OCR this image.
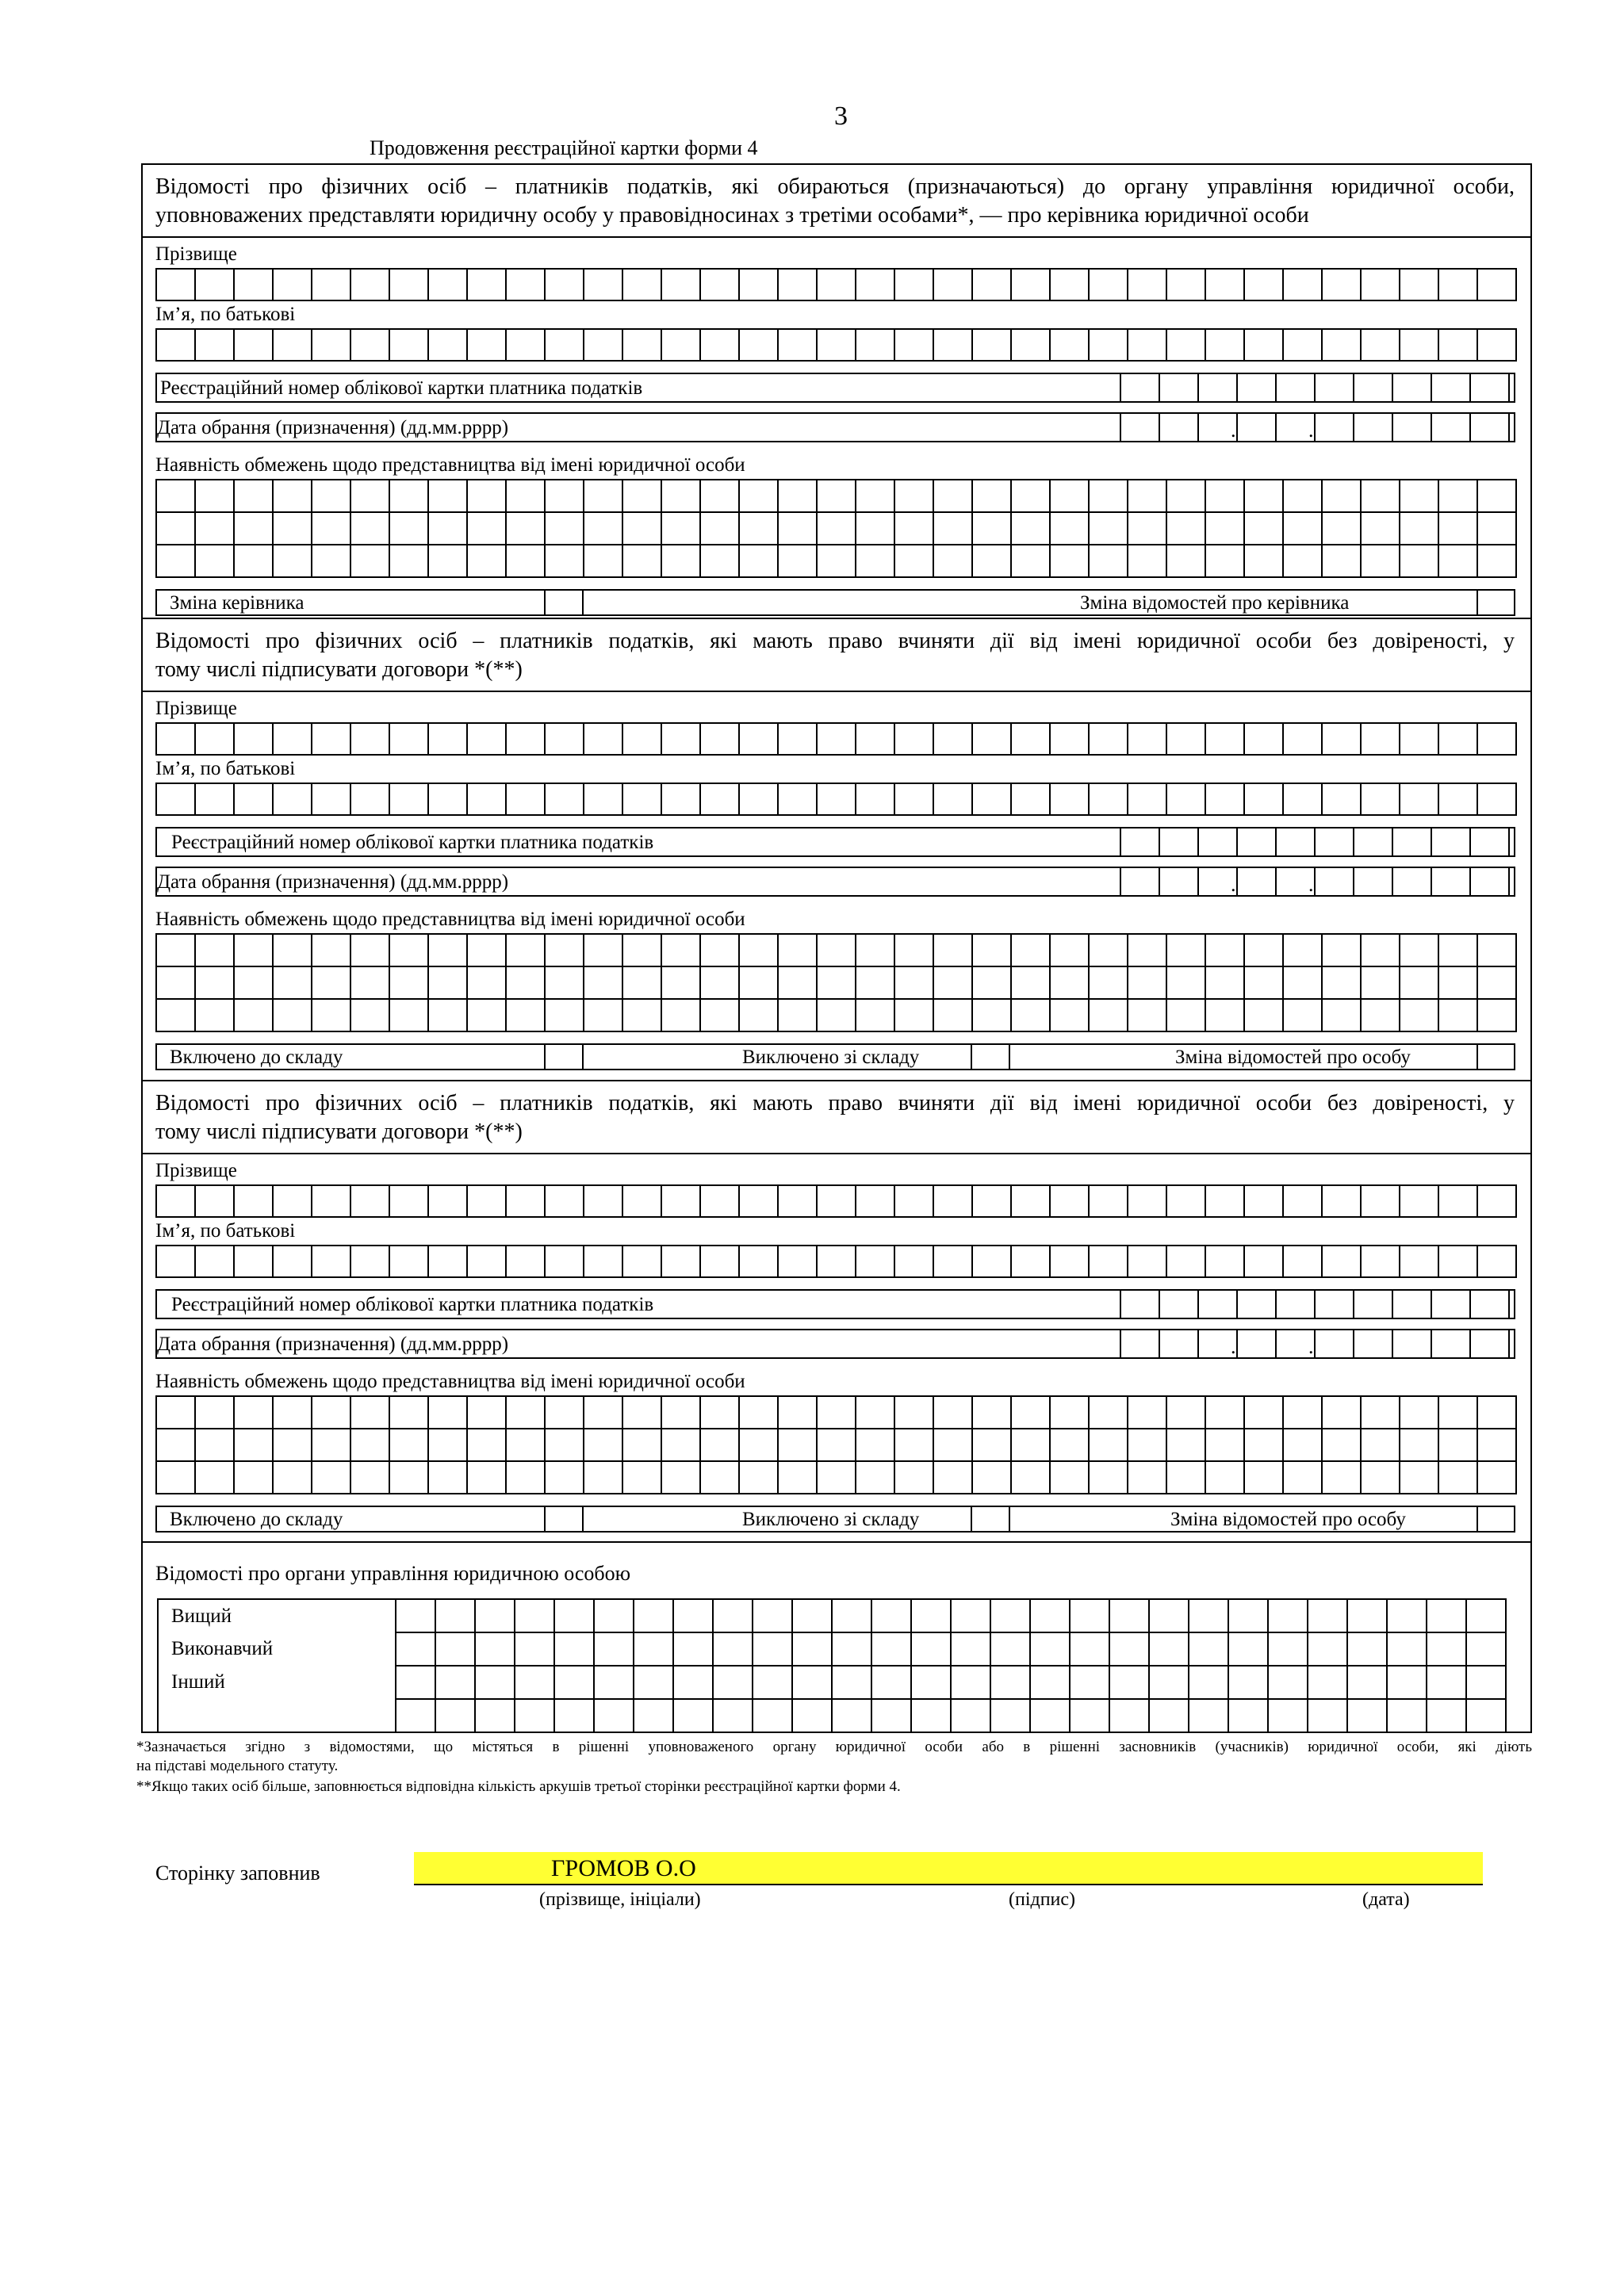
3
Продовження реєстраційної картки форми 4
Відомості про фізичних осіб – платників податків, які обираються (призначаються) до органу управління юридичної особи,
уповноважених представляти юридичну особу у правовідносинах з третіми особами*, — про керівника юридичної особи
Прізвище

Ім’я, по батькові

Реєстраційний номер облікової картки платника податків
Дата обрання (призначення) (дд.мм.рррр)	.	.
Наявність обмежень щодо представництва від імені юридичної особи

Зміна керівника	Зміна відомостей про керівника
Відомості про фізичних осіб – платників податків, які мають право вчиняти дії від імені юридичної особи без довіреності, у
тому числі підписувати договори *(**)
Прізвище

Ім’я, по батькові

Реєстраційний номер облікової картки платника податків
Дата обрання (призначення) (дд.мм.рррр)	.	.
Наявність обмежень щодо представництва від імені юридичної особи

Включено до складу	Виключено зі складу	Зміна відомостей про особу
Відомості про фізичних осіб – платників податків, які мають право вчиняти дії від імені юридичної особи без довіреності, у
тому числі підписувати договори *(**)
Прізвище

Ім’я, по батькові

Реєстраційний номер облікової картки платника податків
Дата обрання (призначення) (дд.мм.рррр)	.	.
Наявність обмежень щодо представництва від імені юридичної особи

Включено до складу	Виключено зі складу	Зміна відомостей про особу
Відомості про органи управління юридичною особою
Вищий																												
Виконавчий																												
Інший																												

*Зазначається згідно з відомостями, що містяться в рішенні уповноваженого органу юридичної особи або в рішенні засновників (учасників) юридичної особи, які діють
на підставі модельного статуту.
**Якщо таких осіб більше, заповнюється відповідна кількість аркушів третьої сторінки реєстраційної картки форми 4.
Сторінку заповнив	ГРОМОВ О.О
(прізвище, ініціали)	(підпис)	(дата)
